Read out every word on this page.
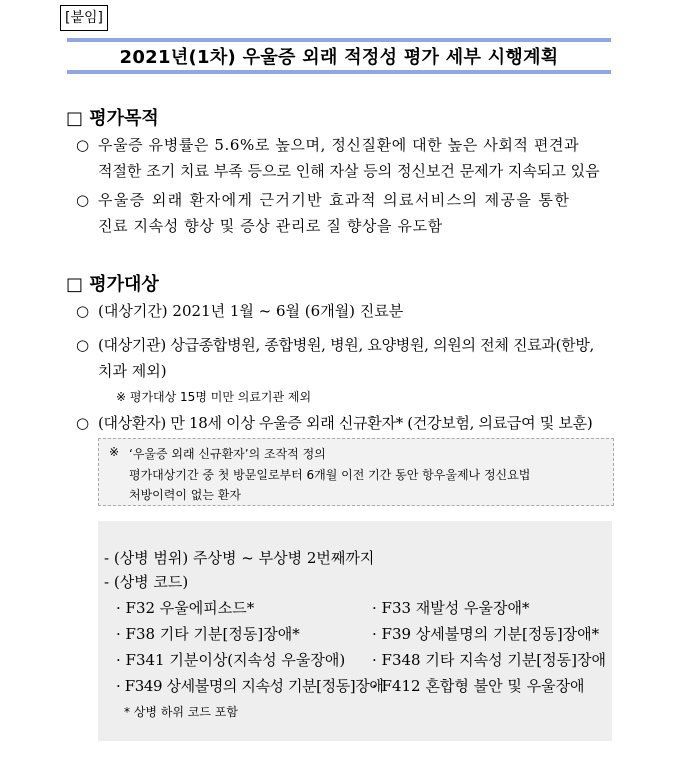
[붙임]
2021년(1차) 우울증 외래 적정성 평가 세부 시행계획
□ 평가목적
○ 우울증 유병률은 5.6%로 높으며, 정신질환에 대한 높은 사회적 편견과
적절한 조기 치료 부족 등으로 인해 자살 등의 정신보건 문제가 지속되고 있음
○ 우울증 외래 환자에게 근거기반 효과적 의료서비스의 제공을 통한
진료 지속성 향상 및 증상 관리로 질 향상을 유도함
□ 평가대상
○ (대상기간) 2021년 1월 ~ 6월 (6개월) 진료분
○ (대상기관) 상급종합병원, 종합병원, 병원, 요양병원, 의원의 전체 진료과(한방,
치과 제외)
※ 평가대상 15명 미만 의료기관 제외
○ (대상환자) 만 18세 이상 우울증 외래 신규환자* (건강보험, 의료급여 및 보훈)
※ ‘우울증 외래 신규환자’의 조작적 정의
평가대상기간 중 첫 방문일로부터 6개월 이전 기간 동안 항우울제나 정신요법
처방이력이 없는 환자
- (상병 범위) 주상병 ~ 부상병 2번째까지
- (상병 코드)
· F32 우울에피소드*
· F38 기타 기분[정동]장애*
· F341 기분이상(지속성 우울장애)
· F349 상세불명의 지속성 기분[정동]장애
· F33 재발성 우울장애*
· F39 상세불명의 기분[정동]장애*
· F348 기타 지속성 기분[정동]장애
· F412 혼합형 불안 및 우울장애
* 상병 하위 코드 포함
